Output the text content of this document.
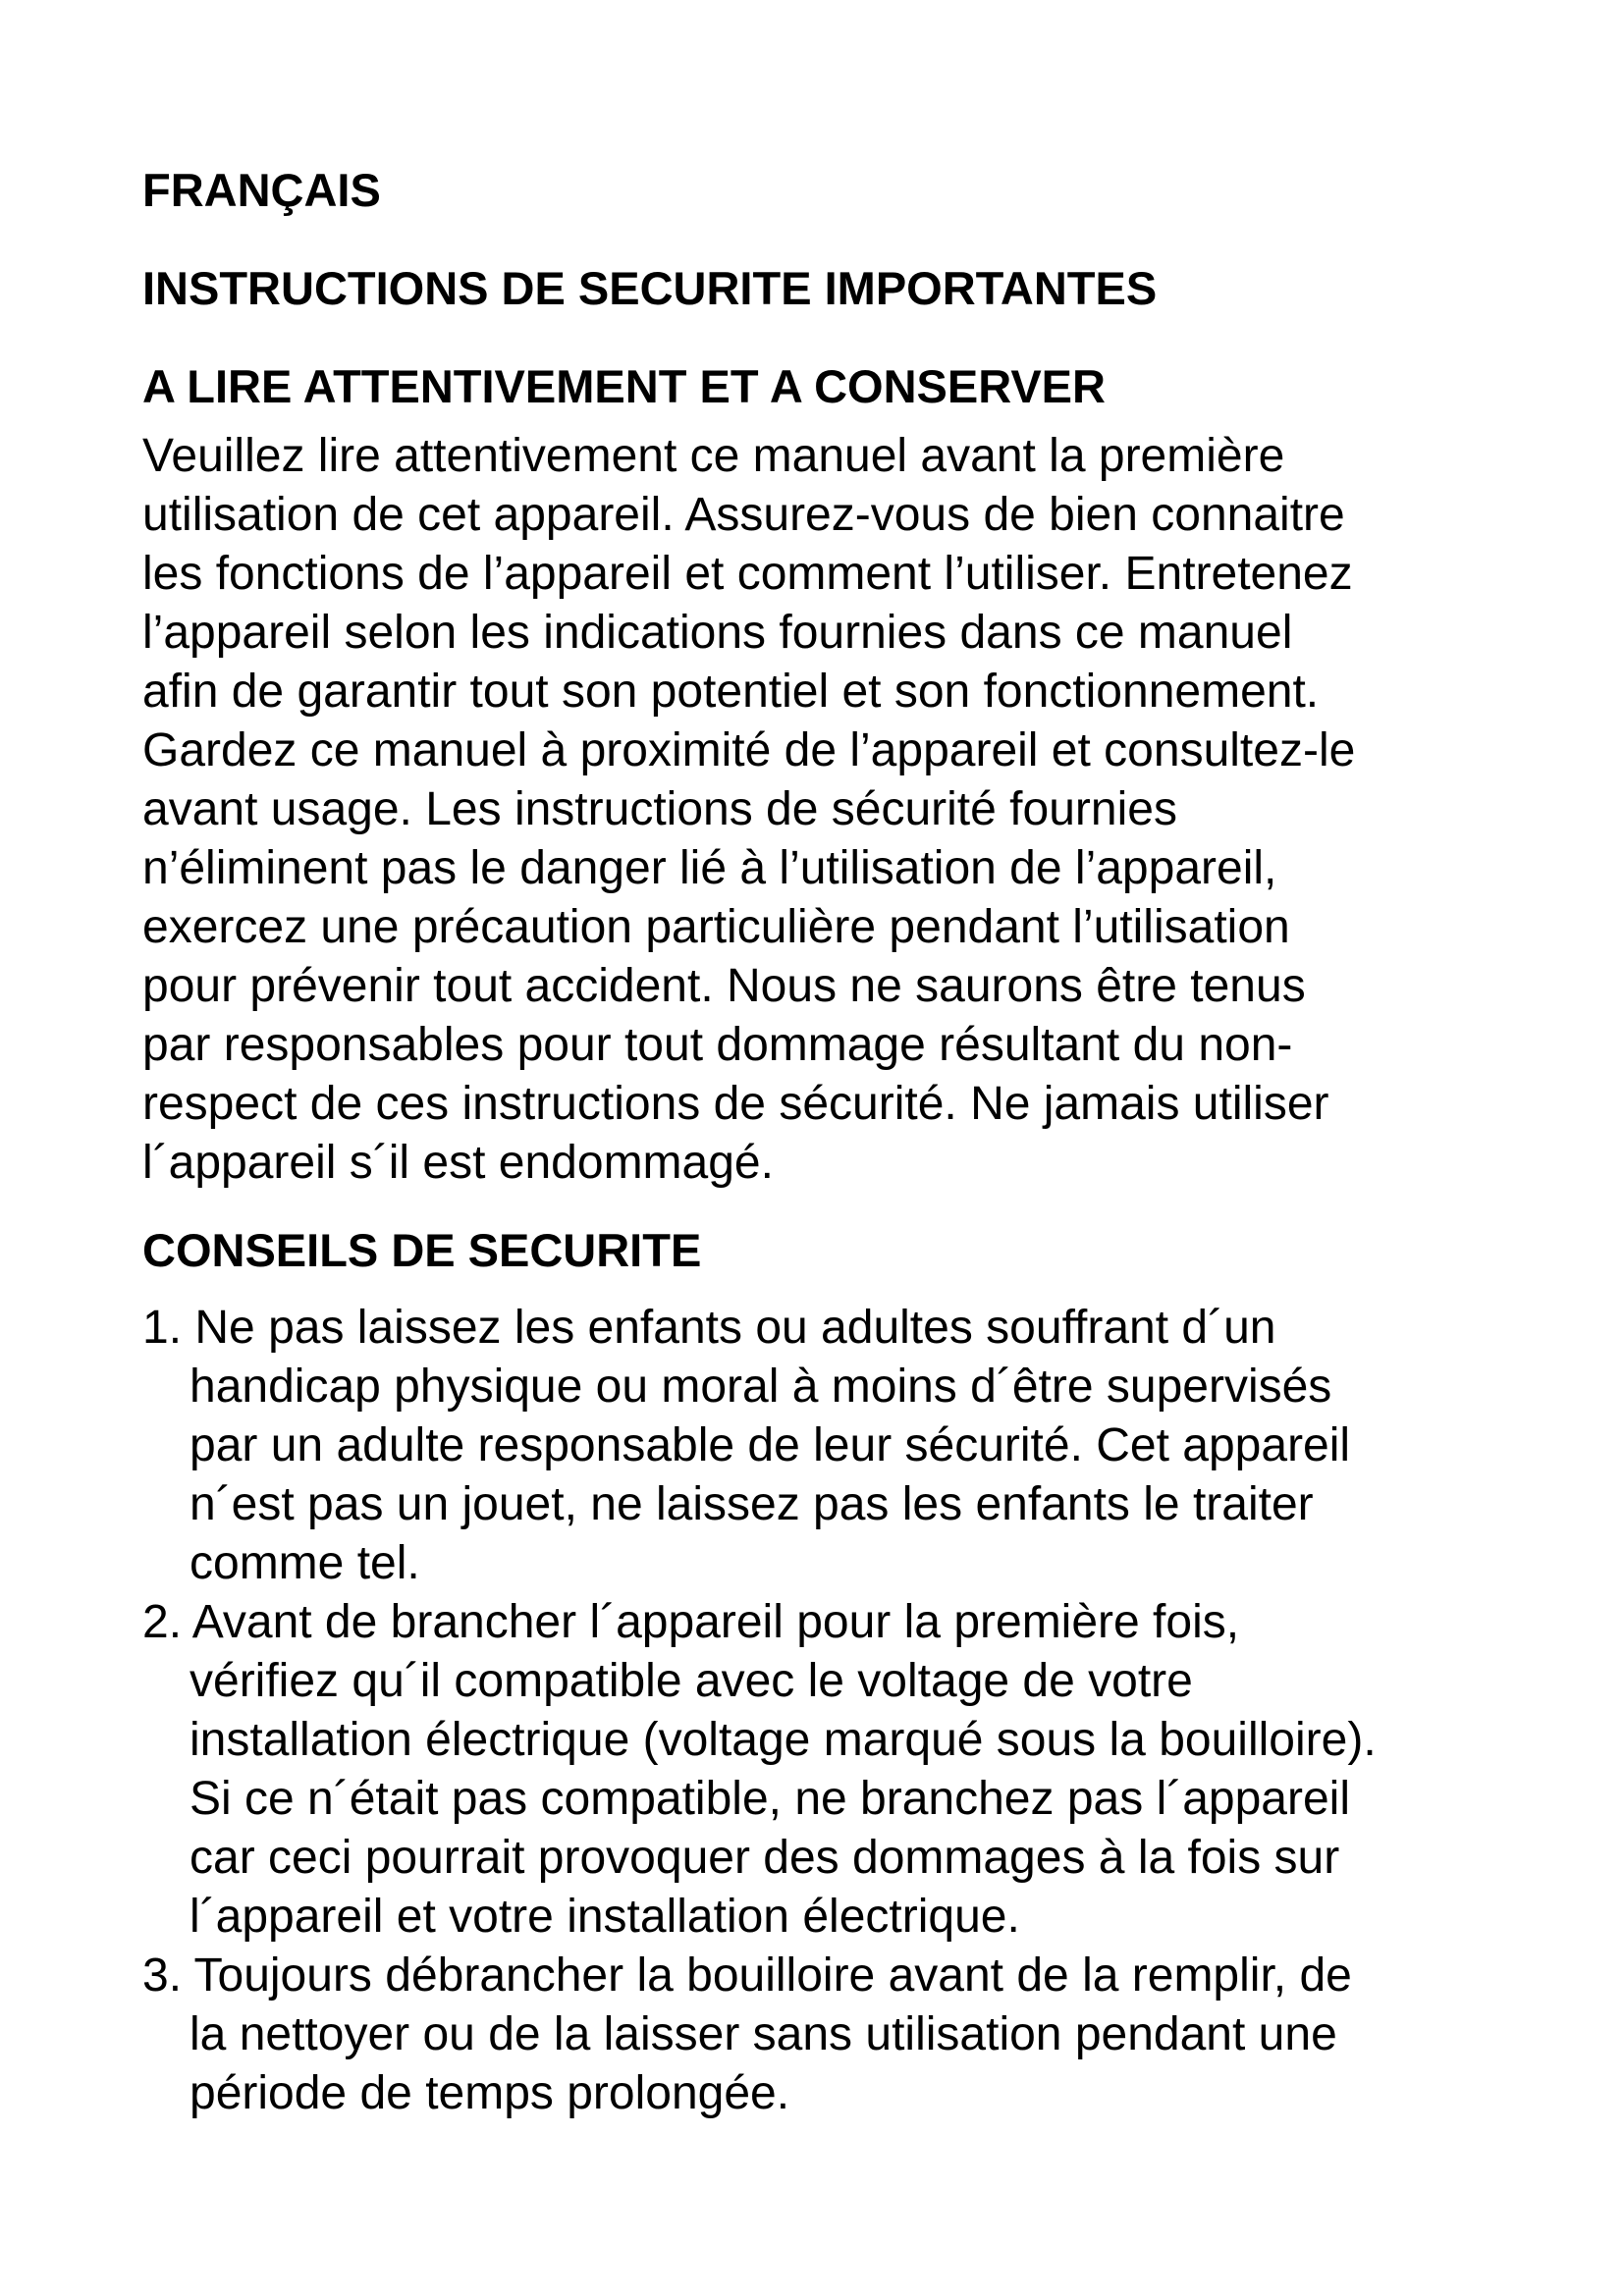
FRANÇAIS
INSTRUCTIONS DE SECURITE IMPORTANTES
A LIRE ATTENTIVEMENT ET A CONSERVER
Veuillez lire attentivement ce manuel avant la première
utilisation de cet appareil. Assurez-vous de bien connaitre
les fonctions de l’appareil et comment l’utiliser. Entretenez
l’appareil selon les indications fournies dans ce manuel
afin de garantir tout son potentiel et son fonctionnement.
Gardez ce manuel à proximité de l’appareil et consultez-le
avant usage. Les instructions de sécurité fournies
n’éliminent pas le danger lié à l’utilisation de l’appareil,
exercez une précaution particulière pendant l’utilisation
pour prévenir tout accident. Nous ne saurons être tenus
par responsables pour tout dommage résultant du non-
respect de ces instructions de sécurité. Ne jamais utiliser
l´appareil s´il est endommagé.
CONSEILS DE SECURITE
1. Ne pas laissez les enfants ou adultes souffrant d´un
handicap physique ou moral à moins d´être supervisés
par un adulte responsable de leur sécurité. Cet appareil
n´est pas un jouet, ne laissez pas les enfants le traiter
comme tel.
2. Avant de brancher l´appareil pour la première fois,
vérifiez qu´il compatible avec le voltage de votre
installation électrique (voltage marqué sous la bouilloire).
Si ce n´était pas compatible, ne branchez pas l´appareil
car ceci pourrait provoquer des dommages à la fois sur
l´appareil et votre installation électrique.
3. Toujours débrancher la bouilloire avant de la remplir, de
la nettoyer ou de la laisser sans utilisation pendant une
période de temps prolongée.
